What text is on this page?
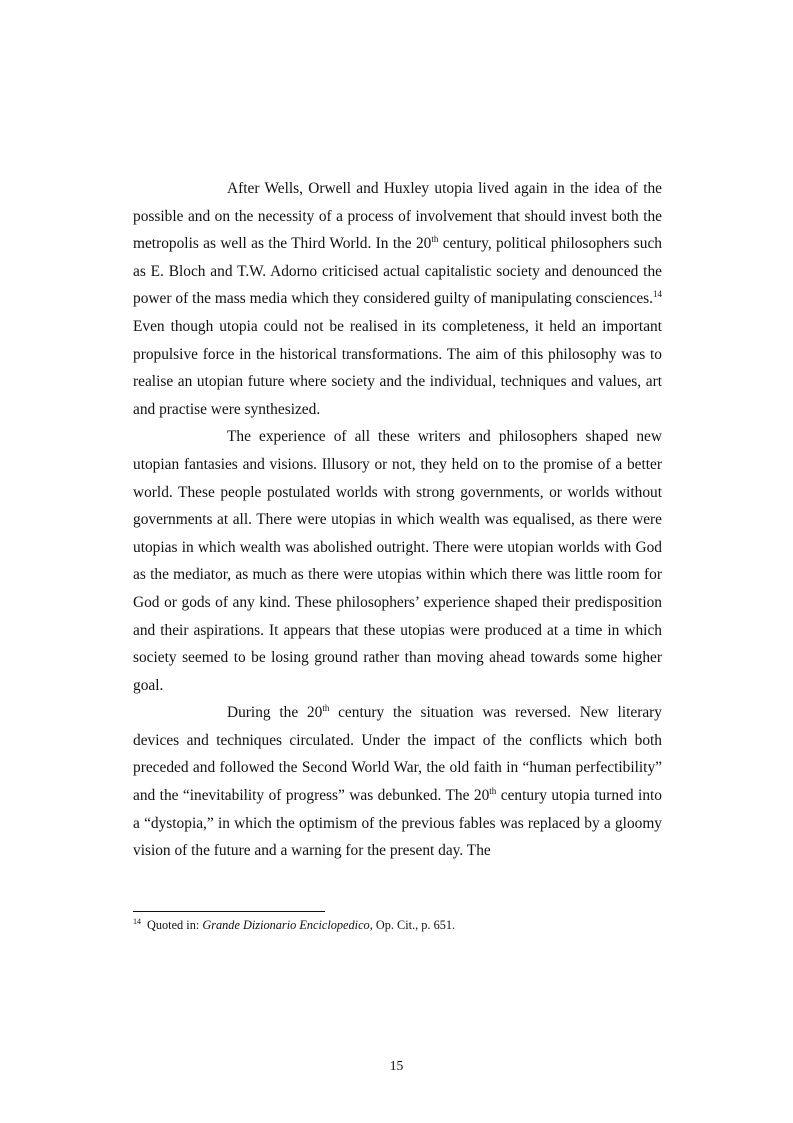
After Wells, Orwell and Huxley utopia lived again in the idea of the possible and on the necessity of a process of involvement that should invest both the metropolis as well as the Third World. In the 20th century, political philosophers such as E. Bloch and T.W. Adorno criticised actual capitalistic society and denounced the power of the mass media which they considered guilty of manipulating consciences.$^{14}$ Even though utopia could not be realised in its completeness, it held an important propulsive force in the historical transformations. The aim of this philosophy was to realise an utopian future where society and the individual, techniques and values, art and practise were synthesized.

The experience of all these writers and philosophers shaped new utopian fantasies and visions. Illusory or not, they held on to the promise of a better world. These people postulated worlds with strong governments, or worlds without governments at all. There were utopias in which wealth was equalised, as there were utopias in which wealth was abolished outright. There were utopian worlds with God as the mediator, as much as there were utopias within which there was little room for God or gods of any kind. These philosophers’ experience shaped their predisposition and their aspirations. It appears that these utopias were produced at a time in which society seemed to be losing ground rather than moving ahead towards some higher goal.

During the 20th century the situation was reversed. New literary devices and techniques circulated. Under the impact of the conflicts which both preceded and followed the Second World War, the old faith in “human perfectibility” and the “inevitability of progress” was debunked. The 20th century utopia turned into a “dystopia,” in which the optimism of the previous fables was replaced by a gloomy vision of the future and a warning for the present day. The

$^{14}$ Quoted in: Grande Dizionario Enciclopedico, Op. Cit., p. 651.
15
